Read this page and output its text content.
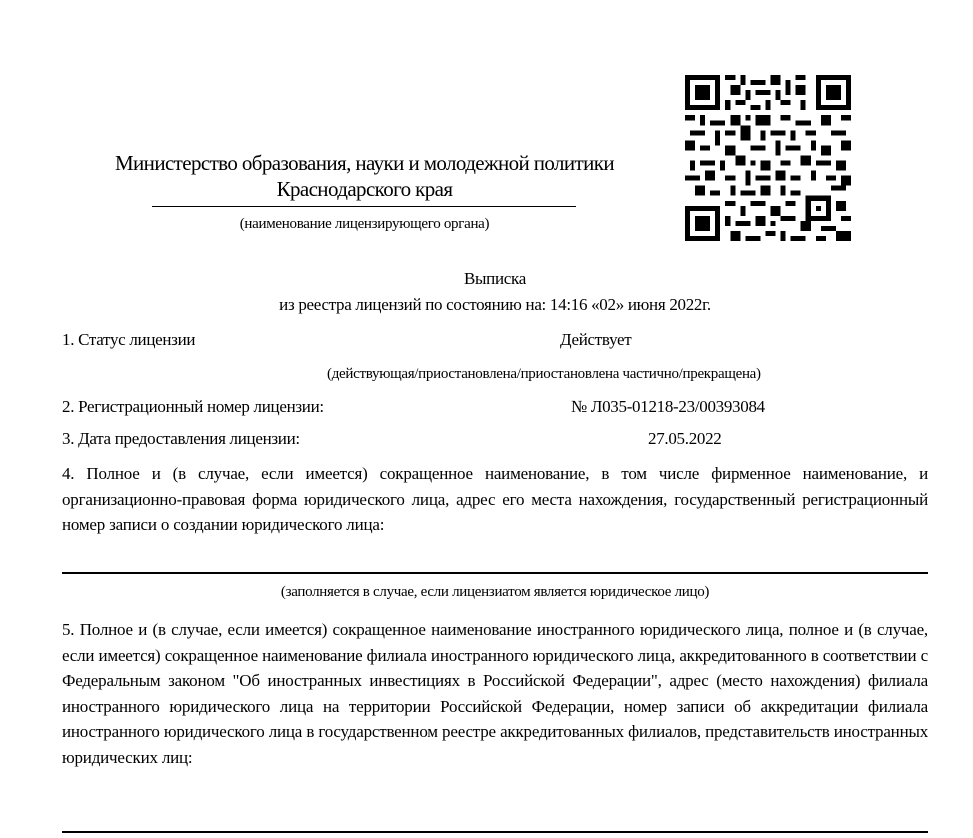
Министерство образования, науки и молодежной политики
Краснодарского края
(наименование лицензирующего органа)
Выписка
из реестра лицензий по состоянию на: 14:16 «02» июня 2022г.
1. Статус лицензии	Действует
(действующая/приостановлена/приостановлена частично/прекращена)
2. Регистрационный номер лицензии:	№ Л035-01218-23/00393084
3. Дата предоставления лицензии:	27.05.2022
4. Полное и (в случае, если имеется) сокращенное наименование, в том числе фирменное наименование, и организационно-правовая форма юридического лица, адрес его места нахождения, государственный регистрационный номер записи о создании юридического лица:
(заполняется в случае, если лицензиатом является юридическое лицо)
5. Полное и (в случае, если имеется) сокращенное наименование иностранного юридического лица, полное и (в случае, если имеется) сокращенное наименование филиала иностранного юридического лица, аккредитованного в соответствии с Федеральным законом "Об иностранных инвестициях в Российской Федерации", адрес (место нахождения) филиала иностранного юридического лица на территории Российской Федерации, номер записи об аккредитации филиала иностранного юридического лица в государственном реестре аккредитованных филиалов, представительств иностранных юридических лиц:
